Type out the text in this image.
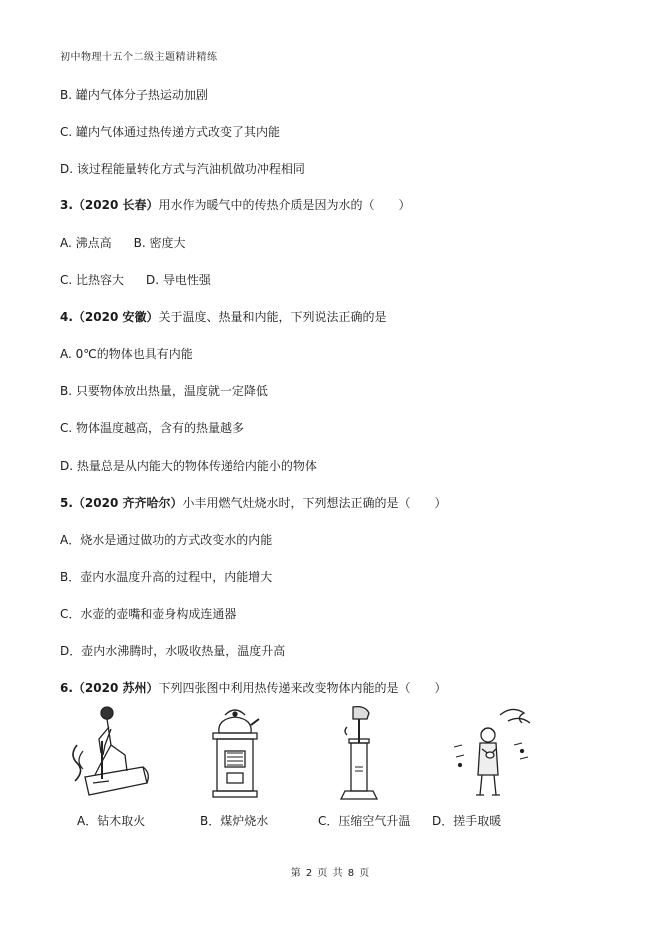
初中物理十五个二级主题精讲精练
B. 罐内气体分子热运动加剧
C. 罐内气体通过热传递方式改变了其内能
D. 该过程能量转化方式与汽油机做功冲程相同
3.（2020 长春）用水作为暖气中的传热介质是因为水的（　　）
A. 沸点高 B. 密度大
C. 比热容大 D. 导电性强
4.（2020 安徽）关于温度、热量和内能，下列说法正确的是
A. 0℃的物体也具有内能
B. 只要物体放出热量，温度就一定降低
C. 物体温度越高，含有的热量越多
D. 热量总是从内能大的物体传递给内能小的物体
5.（2020 齐齐哈尔）小丰用燃气灶烧水时，下列想法正确的是（　　）
A．烧水是通过做功的方式改变水的内能
B．壶内水温度升高的过程中，内能增大
C．水壶的壶嘴和壶身构成连通器
D．壶内水沸腾时，水吸收热量，温度升高
6.（2020 苏州）下列四张图中利用热传递来改变物体内能的是（　　）
A．钻木取火	B．煤炉烧水	C．压缩空气升温 D．搓手取暖
第 2 页 共 8 页
